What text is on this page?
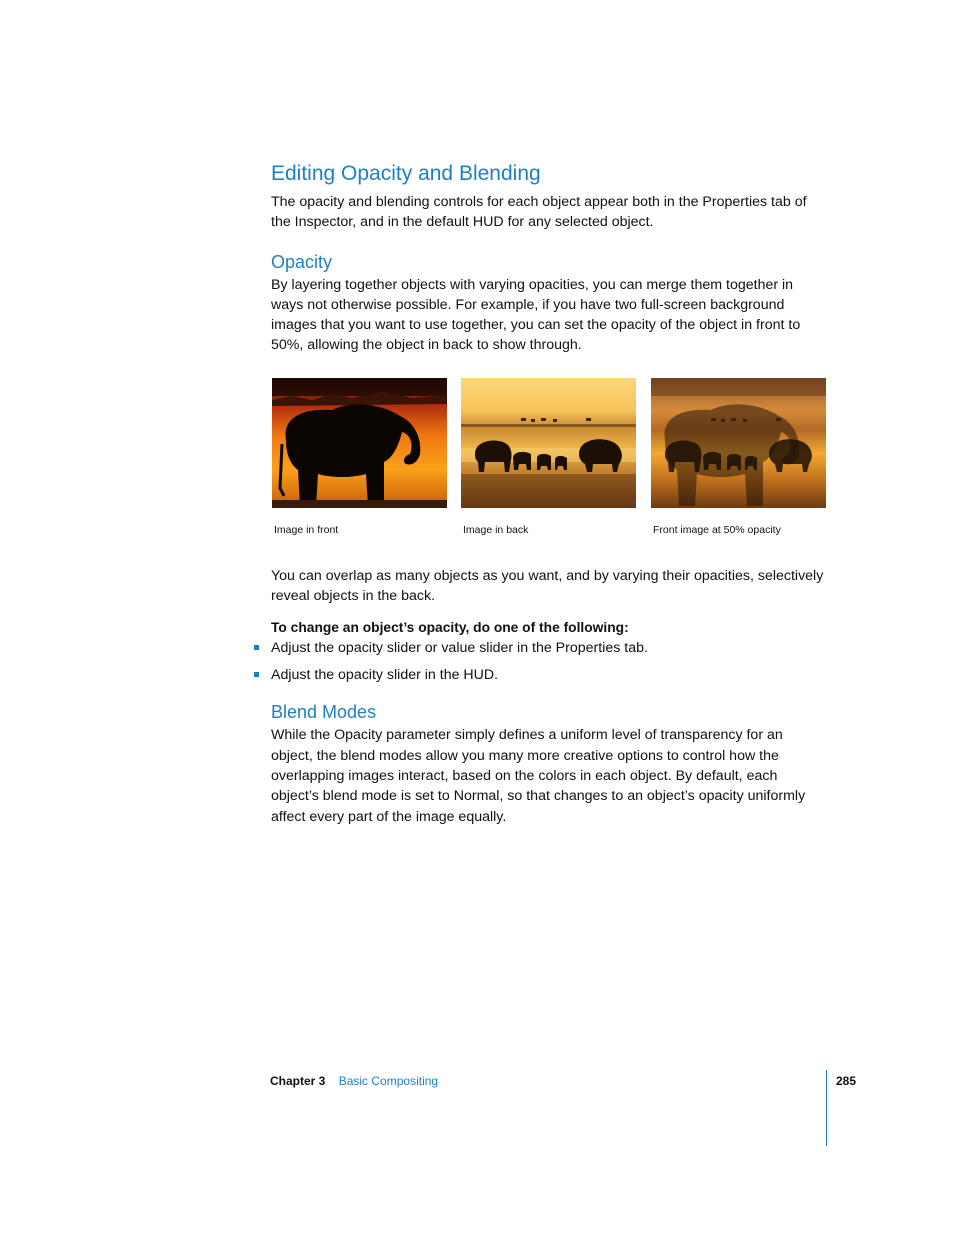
Editing Opacity and Blending

The opacity and blending controls for each object appear both in the Properties tab of the Inspector, and in the default HUD for any selected object.

Opacity

By layering together objects with varying opacities, you can merge them together in ways not otherwise possible. For example, if you have two full-screen background images that you want to use together, you can set the opacity of the object in front to 50%, allowing the object in back to show through.

Image in front	Image in back	Front image at 50% opacity

You can overlap as many objects as you want, and by varying their opacities, selectively reveal objects in the back.

To change an object’s opacity, do one of the following:
Adjust the opacity slider or value slider in the Properties tab.
Adjust the opacity slider in the HUD.
Blend Modes

While the Opacity parameter simply defines a uniform level of transparency for an object, the blend modes allow you many more creative options to control how the overlapping images interact, based on the colors in each object. By default, each object’s blend mode is set to Normal, so that changes to an object’s opacity uniformly affect every part of the image equally.

Chapter 3 Basic Compositing	285
